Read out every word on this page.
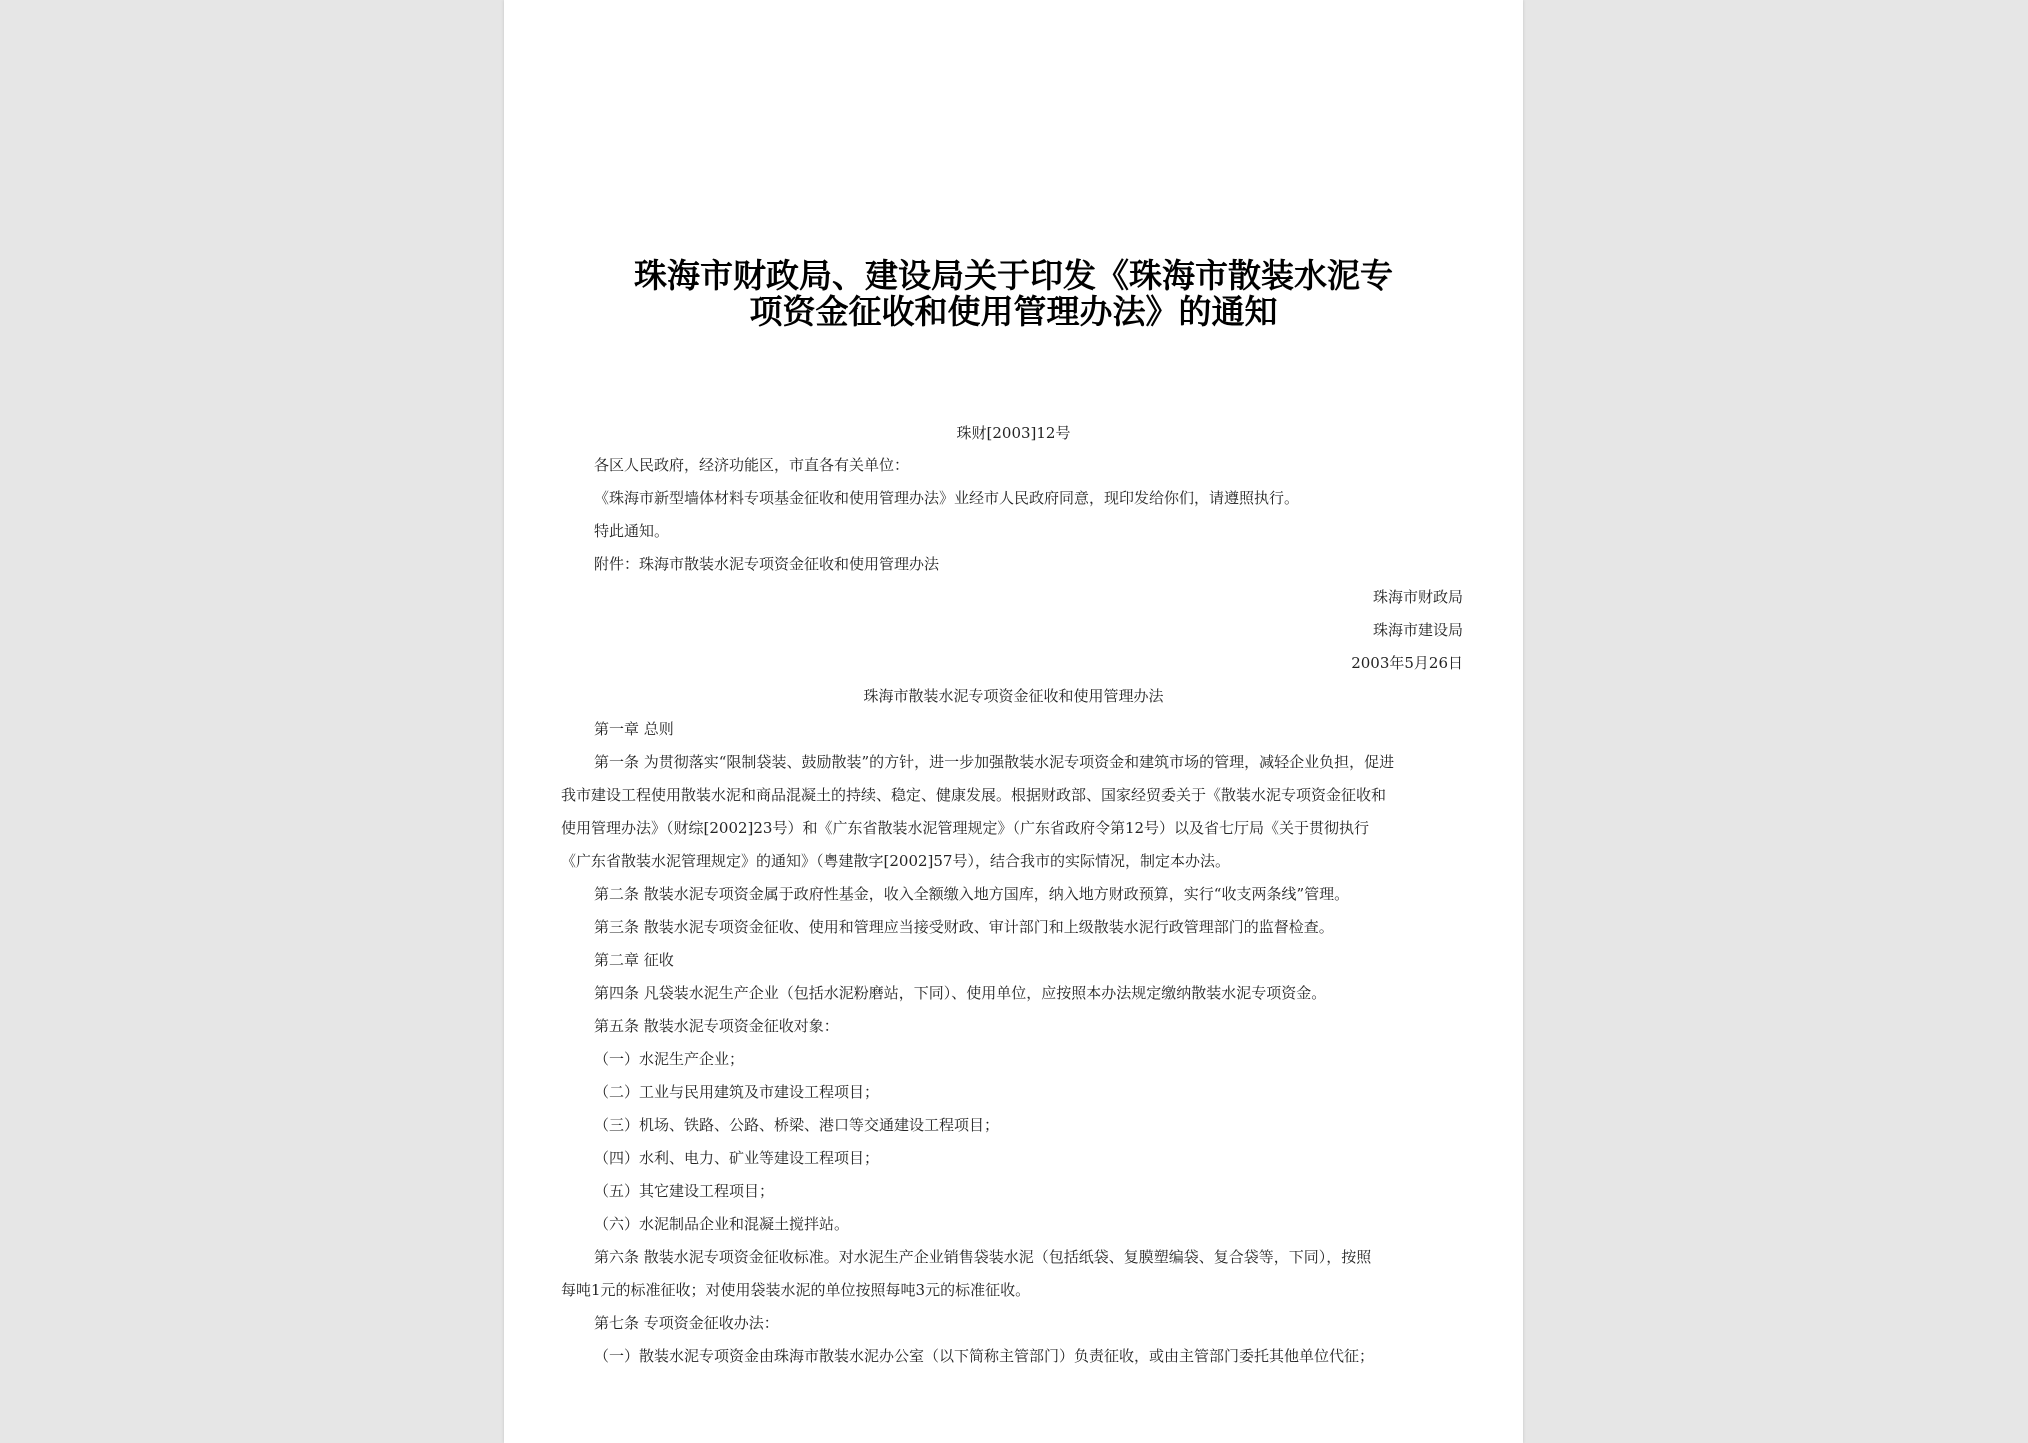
珠海市财政局、建设局关于印发《珠海市散装水泥专
项资金征收和使用管理办法》的通知
珠财[2003]12号
各区人民政府，经济功能区，市直各有关单位：
《珠海市新型墙体材料专项基金征收和使用管理办法》业经市人民政府同意，现印发给你们，请遵照执行。
特此通知。
附件：珠海市散装水泥专项资金征收和使用管理办法
珠海市财政局
珠海市建设局
2003年5月26日
珠海市散装水泥专项资金征收和使用管理办法
第一章 总则
第一条 为贯彻落实“限制袋装、鼓励散装”的方针，进一步加强散装水泥专项资金和建筑市场的管理，减轻企业负担，促进
我市建设工程使用散装水泥和商品混凝土的持续、稳定、健康发展。根据财政部、国家经贸委关于《散装水泥专项资金征收和
使用管理办法》（财综[2002]23号）和《广东省散装水泥管理规定》（广东省政府令第12号）以及省七厅局《关于贯彻执行
《广东省散装水泥管理规定》的通知》（粤建散字[2002]57号），结合我市的实际情况，制定本办法。
第二条 散装水泥专项资金属于政府性基金，收入全额缴入地方国库，纳入地方财政预算，实行“收支两条线”管理。
第三条 散装水泥专项资金征收、使用和管理应当接受财政、审计部门和上级散装水泥行政管理部门的监督检查。
第二章 征收
第四条 凡袋装水泥生产企业（包括水泥粉磨站，下同）、使用单位，应按照本办法规定缴纳散装水泥专项资金。
第五条 散装水泥专项资金征收对象：
（一）水泥生产企业；
（二）工业与民用建筑及市建设工程项目；
（三）机场、铁路、公路、桥梁、港口等交通建设工程项目；
（四）水利、电力、矿业等建设工程项目；
（五）其它建设工程项目；
（六）水泥制品企业和混凝土搅拌站。
第六条 散装水泥专项资金征收标准。对水泥生产企业销售袋装水泥（包括纸袋、复膜塑编袋、复合袋等，下同），按照
每吨1元的标准征收；对使用袋装水泥的单位按照每吨3元的标准征收。
第七条 专项资金征收办法：
（一）散装水泥专项资金由珠海市散装水泥办公室（以下简称主管部门）负责征收，或由主管部门委托其他单位代征；
